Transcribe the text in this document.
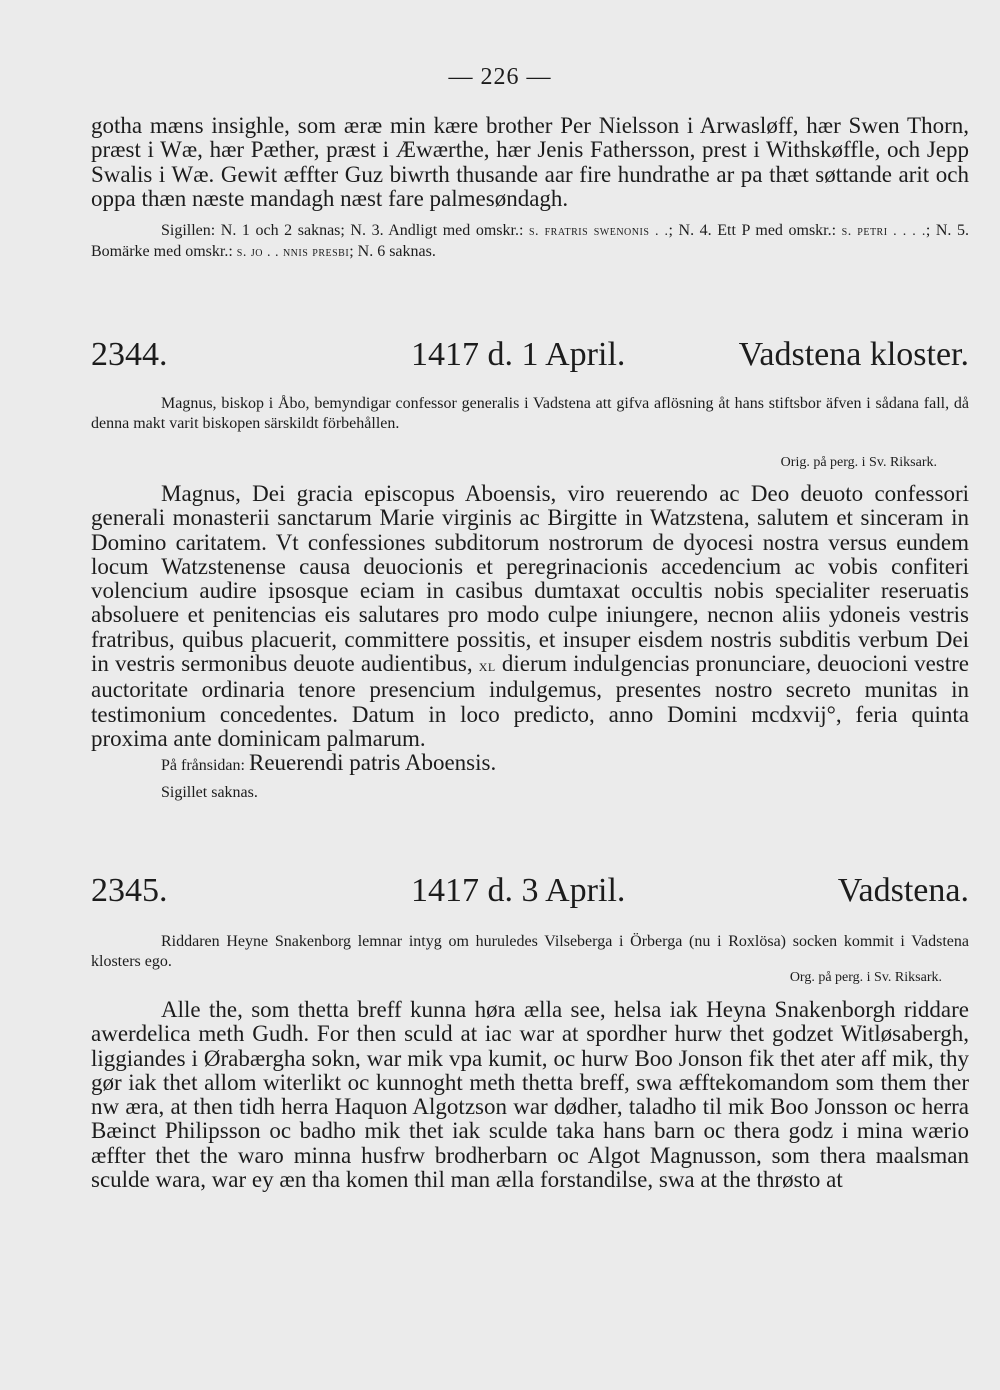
— 226 —

gotha mæns insighle, som æræ min kære brother Per Nielsson i Arwasløff, hær Swen Thorn, præst i Wæ, hær Pæther, præst i Æwærthe, hær Jenis Fathersson, prest i Withskøffle, och Jepp Swalis i Wæ. Gewit æffter Guz biwrth thusande aar fire hundrathe ar pa thæt søttande arit och oppa thæn næste mandagh næst fare palmesøndagh.

Sigillen: N. 1 och 2 saknas; N. 3. Andligt med omskr.: s. fratris swenonis . .; N. 4. Ett P med omskr.: s. petri . . . .; N. 5. Bomärke med omskr.: s. jo . . nnis presbi; N. 6 saknas.

2344.	1417 d. 1 April.	Vadstena kloster.

Magnus, biskop i Åbo, bemyndigar confessor generalis i Vadstena att gifva aflösning åt hans stiftsbor äfven i sådana fall, då denna makt varit biskopen särskildt förbehållen.

Orig. på perg. i Sv. Riksark.

Magnus, Dei gracia episcopus Aboensis, viro reuerendo ac Deo deuoto confessori generali monasterii sanctarum Marie virginis ac Birgitte in Watzstena, salutem et sinceram in Domino caritatem. Vt confessiones subditorum nostrorum de dyocesi nostra versus eundem locum Watzstenense causa deuocionis et peregrinacionis accedencium ac vobis confiteri volencium audire ipsosque eciam in casibus dumtaxat occultis nobis specialiter reseruatis absoluere et penitencias eis salutares pro modo culpe iniungere, necnon aliis ydoneis vestris fratribus, quibus placuerit, committere possitis, et insuper eisdem nostris subditis verbum Dei in vestris sermonibus deuote audientibus, xl dierum indulgencias pronunciare, deuocioni vestre auctoritate ordinaria tenore presencium indulgemus, presentes nostro secreto munitas in testimonium concedentes. Datum in loco predicto, anno Domini mcdxvij°, feria quinta proxima ante dominicam palmarum.

På frånsidan: Reuerendi patris Aboensis.

Sigillet saknas.

2345.	1417 d. 3 April.	Vadstena.

Riddaren Heyne Snakenborg lemnar intyg om huruledes Vilseberga i Örberga (nu i Roxlösa) socken kommit i Vadstena klosters ego.

Org. på perg. i Sv. Riksark.

Alle the, som thetta breff kunna høra ælla see, helsa iak Heyna Snakenborgh riddare awerdelica meth Gudh. For then sculd at iac war at spordher hurw thet godzet Witløsabergh, liggiandes i Ørabærgha sokn, war mik vpa kumit, oc hurw Boo Jonson fik thet ater aff mik, thy gør iak thet allom witerlikt oc kunnoght meth thetta breff, swa æfftekomandom som them ther nw æra, at then tidh herra Haquon Algotzson war dødher, taladho til mik Boo Jonsson oc herra Bæinct Philipsson oc badho mik thet iak sculde taka hans barn oc thera godz i mina wærio æffter thet the waro minna husfrw brodherbarn oc Algot Magnusson, som thera maalsman sculde wara, war ey æn tha komen thil man ælla forstandilse, swa at the thrøsto at
